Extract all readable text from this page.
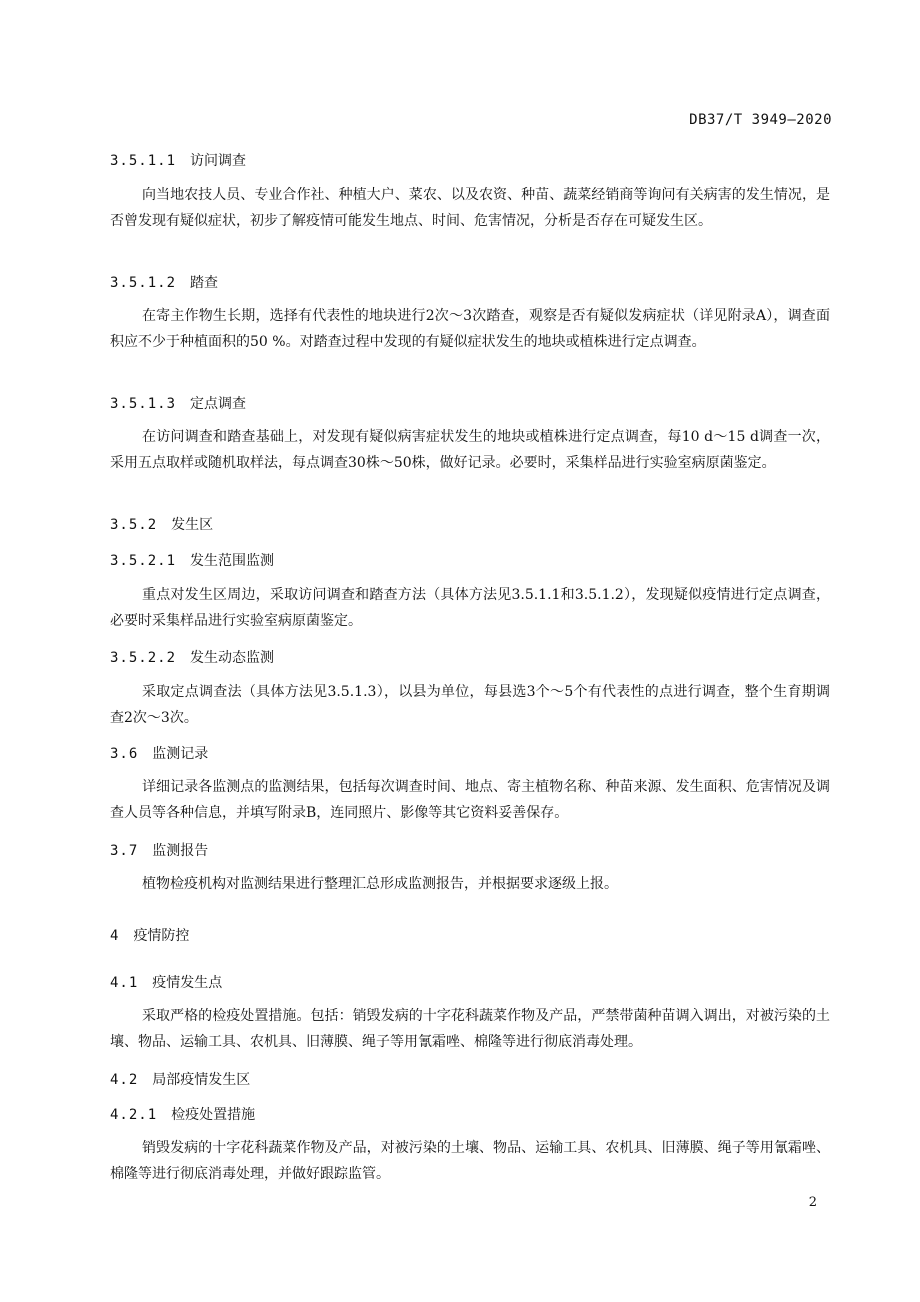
DB37/T 3949—2020
3.5.1.1 访问调查

向当地农技人员、专业合作社、种植大户、菜农、以及农资、种苗、蔬菜经销商等询问有关病害的发生情况，是否曾发现有疑似症状，初步了解疫情可能发生地点、时间、危害情况，分析是否存在可疑发生区。

3.5.1.2 踏查

在寄主作物生长期，选择有代表性的地块进行2次～3次踏查，观察是否有疑似发病症状（详见附录A），调查面积应不少于种植面积的50 %。对踏查过程中发现的有疑似症状发生的地块或植株进行定点调查。

3.5.1.3 定点调查

在访问调查和踏查基础上，对发现有疑似病害症状发生的地块或植株进行定点调查，每10 d～15 d调查一次，采用五点取样或随机取样法，每点调查30株～50株，做好记录。必要时，采集样品进行实验室病原菌鉴定。

3.5.2 发生区
3.5.2.1 发生范围监测

重点对发生区周边，采取访问调查和踏查方法（具体方法见3.5.1.1和3.5.1.2），发现疑似疫情进行定点调查，必要时采集样品进行实验室病原菌鉴定。

3.5.2.2 发生动态监测

采取定点调查法（具体方法见3.5.1.3），以县为单位，每县选3个～5个有代表性的点进行调查，整个生育期调查2次～3次。

3.6 监测记录

详细记录各监测点的监测结果，包括每次调查时间、地点、寄主植物名称、种苗来源、发生面积、危害情况及调查人员等各种信息，并填写附录B，连同照片、影像等其它资料妥善保存。

3.7 监测报告

植物检疫机构对监测结果进行整理汇总形成监测报告，并根据要求逐级上报。

4 疫情防控
4.1 疫情发生点

采取严格的检疫处置措施。包括：销毁发病的十字花科蔬菜作物及产品，严禁带菌种苗调入调出，对被污染的土壤、物品、运输工具、农机具、旧薄膜、绳子等用氰霜唑、棉隆等进行彻底消毒处理。

4.2 局部疫情发生区
4.2.1 检疫处置措施

销毁发病的十字花科蔬菜作物及产品，对被污染的土壤、物品、运输工具、农机具、旧薄膜、绳子等用氰霜唑、棉隆等进行彻底消毒处理，并做好跟踪监管。

2
